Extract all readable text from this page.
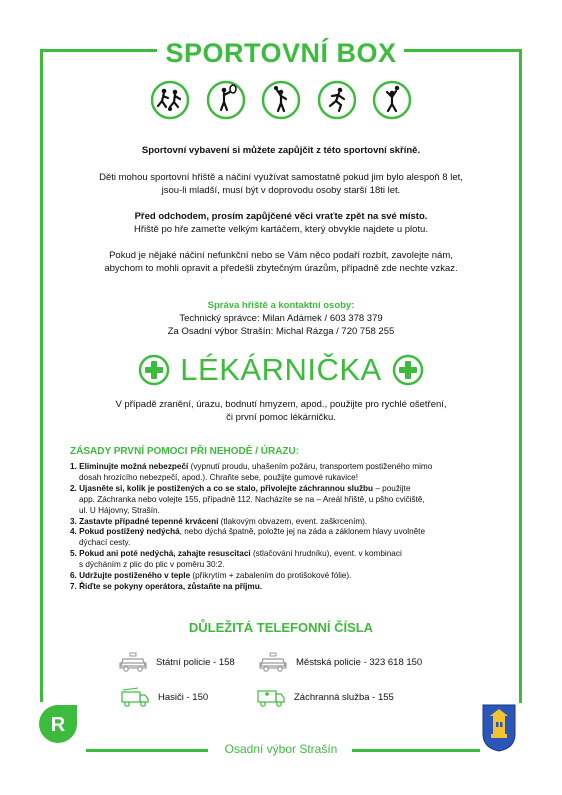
SPORTOVNÍ BOX
Sportovní vybavení si můžete zapůjčit z této sportovní skříně.
Děti mohou sportovní hřiště a náčiní využívat samostatně pokud jim bylo alespoň 8 let,
jsou-li mladší, musí být v doprovodu osoby starší 18ti let.
Před odchodem, prosím zapůjčené věci vraťte zpět na své místo.
Hřiště po hře zameťte velkým kartáčem, který obvykle najdete u plotu.
Pokud je nějaké náčiní nefunkční nebo se Vám něco podaří rozbít, zavolejte nám,
abychom to mohli opravit a předešli zbytečným úrazům, případně zde nechte vzkaz.
Správa hřiště a kontaktní osoby:
Technický správce: Milan Adámek / 603 378 379
Za Osadní výbor Strašín: Michal Rázga / 720 758 255
LÉKÁRNIČKA
V případě zranění, úrazu, bodnutí hmyzem, apod., použijte pro rychlé ošetření,
či první pomoc lékárničku.
ZÁSADY PRVNÍ POMOCI PŘI NEHODĚ / ÚRAZU:
1. Eliminujte možná nebezpečí (vypnutí proudu, uhašením požáru, transportem postiženého mimo
dosah hrozícího nebezpečí, apod.). Chraňte sebe, použijte gumové rukavice!
2. Ujasněte si, kolik je postižených a co se stalo, přivolejte záchrannou službu – použijte
app. Záchranka nebo volejte 155, případně 112. Nacházíte se na – Areál hřiště, u pšho cvičiště,
ul. U Hájovny, Strašín.
3. Zastavte případné tepenné krvácení (tlakovým obvazem, event. zaškrcením).
4. Pokud postižený nedýchá, nebo dýchá špatně, položte jej na záda a záklonem hlavy uvolněte
dýchací cesty.
5. Pokud ani poté nedýchá, zahajte resuscitaci (stlačování hrudníku), event. v kombinaci
s dýcháním z plic do plic v poměru 30:2.
6. Udržujte postiženého v teple (přikrytím + zabalením do protišokové fólie).
7. Řiďte se pokyny operátora, zůstaňte na příjmu.
DŮLEŽITÁ TELEFONNÍ ČÍSLA
Státní policie - 158	Městská policie - 323 618 150
Hasiči - 150	Záchranná služba - 155
R
Osadní výbor Strašín
